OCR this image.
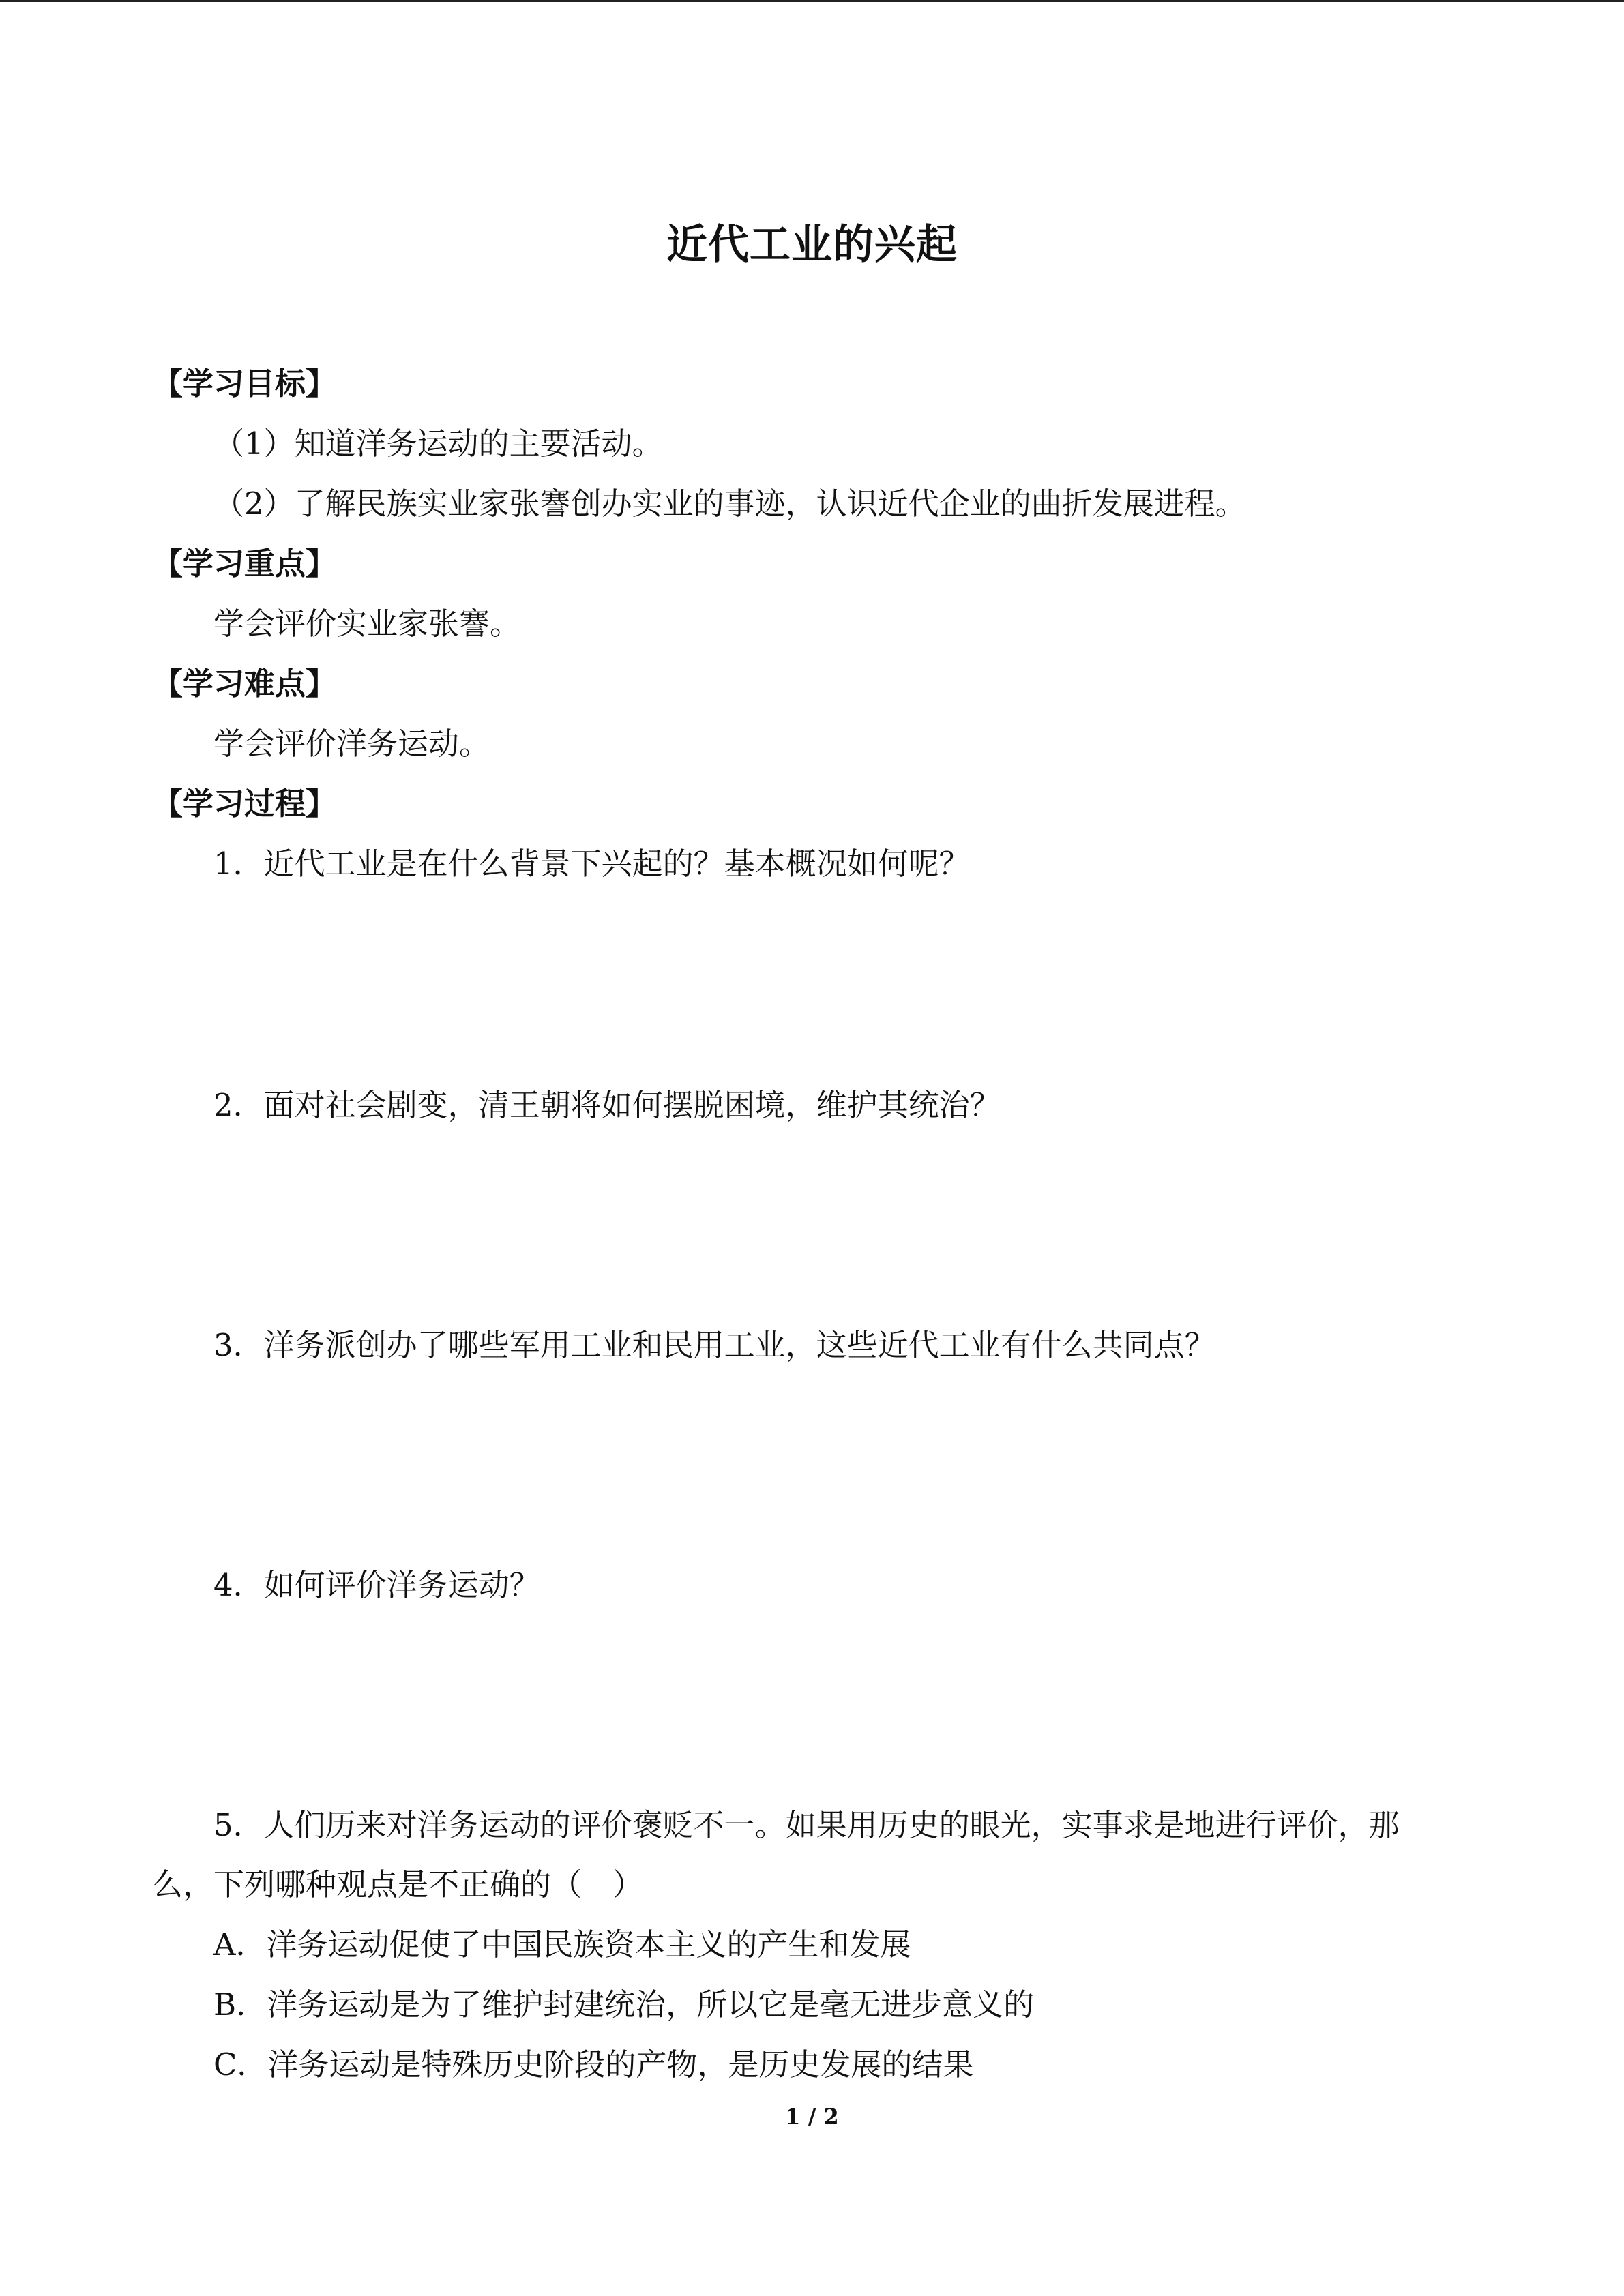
近代工业的兴起
【学习目标】
（1）知道洋务运动的主要活动。
（2）了解民族实业家张謇创办实业的事迹，认识近代企业的曲折发展进程。
【学习重点】
学会评价实业家张謇。
【学习难点】
学会评价洋务运动。
【学习过程】
1．近代工业是在什么背景下兴起的？基本概况如何呢？
2．面对社会剧变，清王朝将如何摆脱困境，维护其统治？
3．洋务派创办了哪些军用工业和民用工业，这些近代工业有什么共同点？
4．如何评价洋务运动？
5．人们历来对洋务运动的评价褒贬不一。如果用历史的眼光，实事求是地进行评价，那
么，下列哪种观点是不正确的（　）
A．洋务运动促使了中国民族资本主义的产生和发展
B．洋务运动是为了维护封建统治，所以它是毫无进步意义的
C．洋务运动是特殊历史阶段的产物，是历史发展的结果
1 / 2
